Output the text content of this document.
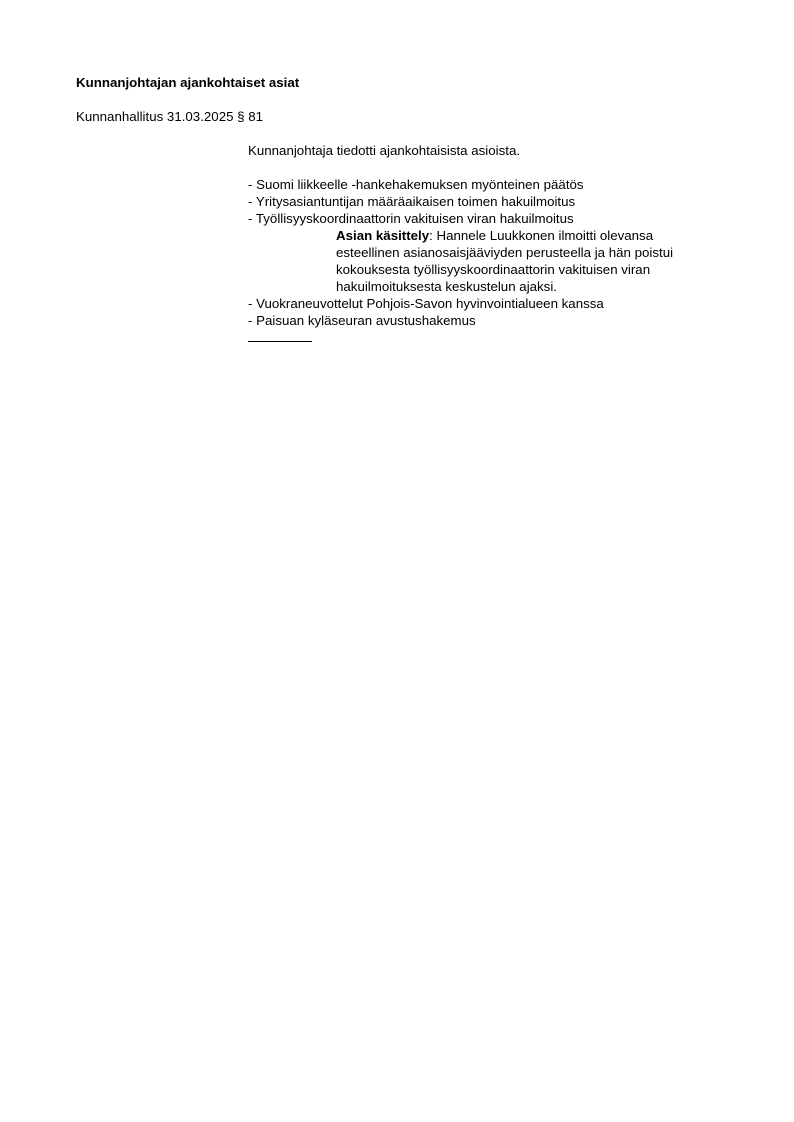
Kunnanjohtajan ajankohtaiset asiat
Kunnanhallitus 31.03.2025 § 81

Kunnanjohtaja tiedotti ajankohtaisista asioista.

- Suomi liikkeelle -hankehakemuksen myönteinen päätös
- Yritysasiantuntijan määräaikaisen toimen hakuilmoitus
- Työllisyyskoordinaattorin vakituisen viran hakuilmoitus

Asian käsittely: Hannele Luukkonen ilmoitti olevansa esteellinen asianosaisjääviyden perusteella ja hän poistui kokouksesta työllisyyskoordinaattorin vakituisen viran hakuilmoituksesta keskustelun ajaksi.

- Vuokraneuvottelut Pohjois-Savon hyvinvointialueen kanssa
- Paisuan kyläseuran avustushakemus
